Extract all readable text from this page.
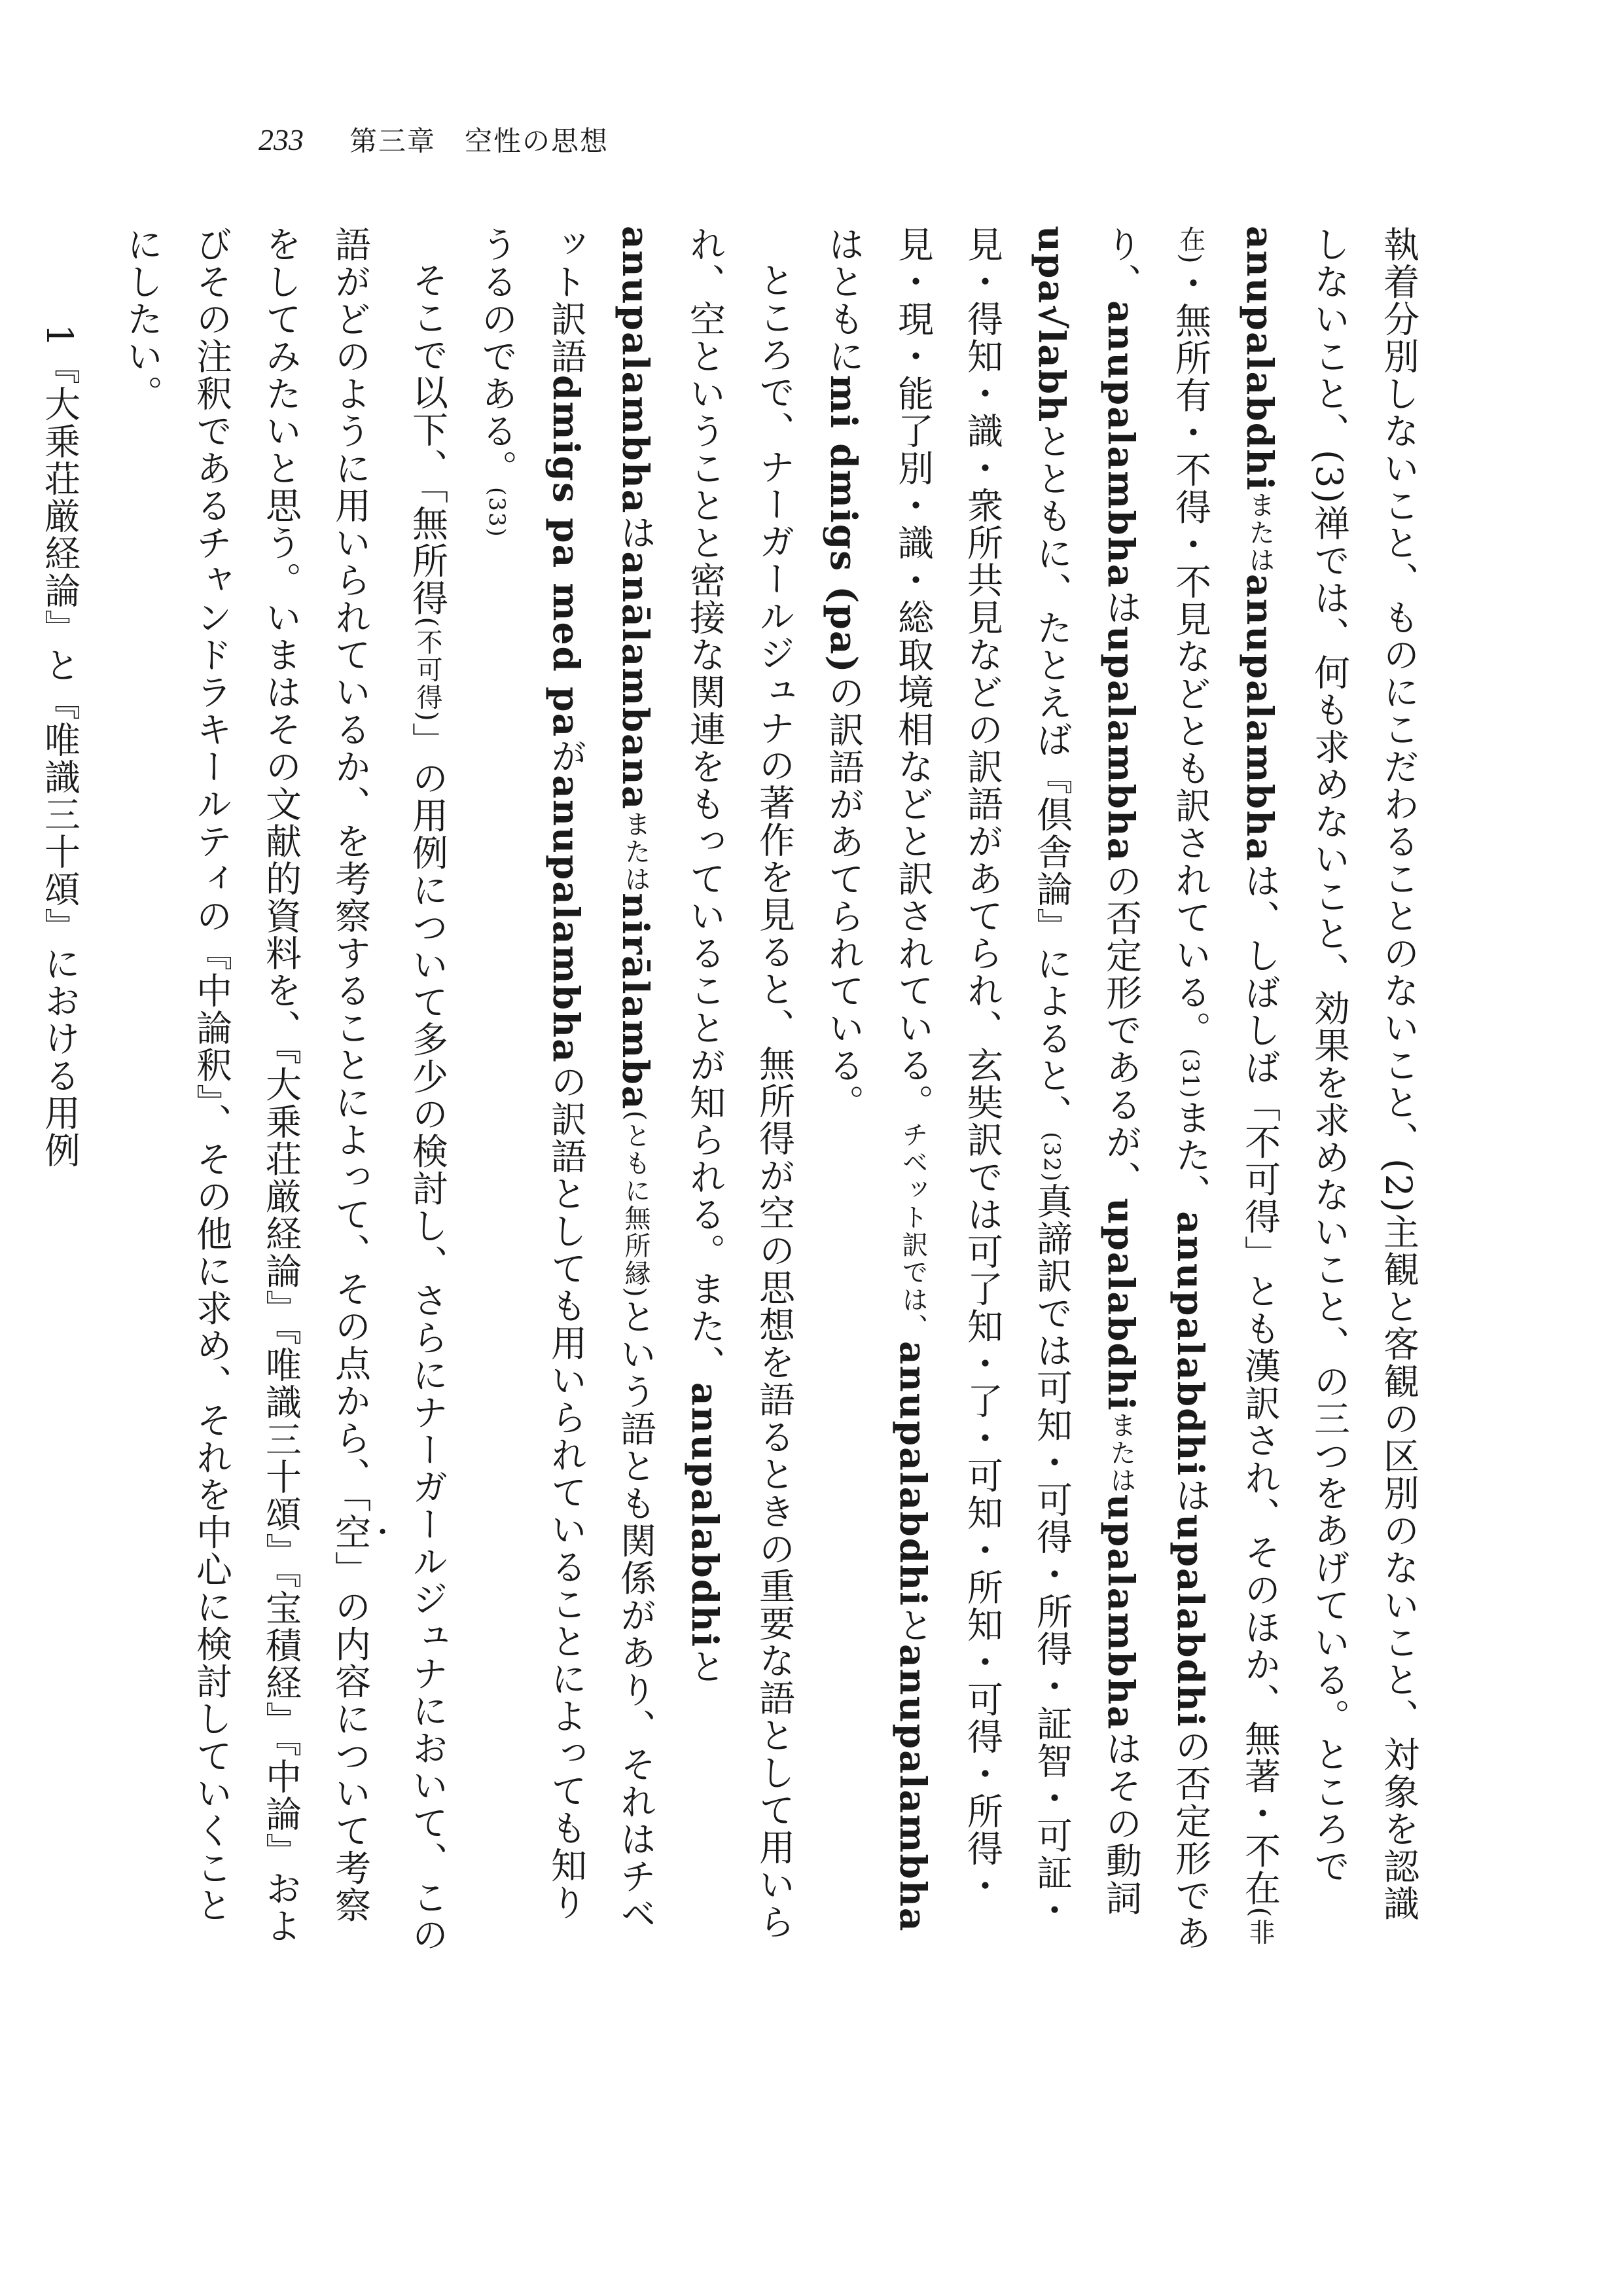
233 第三章　空性の思想

執着分別しないこと、ものにこだわることのないこと、(2)主観と客観の区別のないこと、対象を認識しないこと、(3)禅では、何も求めないこと、効果を求めないこと、の三つをあげている。ところでanupalabdhiまたはanupalambhaは、しばしば「不可得」とも漢訳され、そのほか、無著・不在(非在)・無所有・不得・不見などとも訳されている。(31)また、anupalabdhiはupalabdhiの否定形であり、anupalambhaはupalambhaの否定形であるが、upalabdhiまたはupalambhaはその動詞upa√labhとともに、たとえば『倶舎論』によると、(32)真諦訳では可知・可得・所得・証智・可証・見・得知・識・衆所共見などの訳語があてられ、玄奘訳では可了知・了・可知・所知・可得・所得・見・現・能了別・識・総取境相などと訳されている。チベット訳では、anupalabdhiとanupalambhaはともにmi dmigs (pa)の訳語があてられている。

ところで、ナーガールジュナの著作を見ると、無所得が空の思想を語るときの重要な語として用いられ、空ということと密接な関連をもっていることが知られる。また、anupalabdhiとanupalambhaはanālambanaまたはnirālamba(ともに無所縁)という語とも関係があり、それはチベット訳語dmigs pa med paがanupalambhaの訳語としても用いられていることによっても知りうるのである。(33)

そこで以下、「無所得(不可得)」の用例について多少の検討し、さらにナーガールジュナにおいて、この語がどのように用いられているか、を考察することによって、その点から、「空」の内容について考察をしてみたいと思う。いまはその文献的資料を、『大乗荘厳経論』『唯識三十頌』『宝積経』『中論』およびその注釈であるチャンドラキールティの『中論釈』、その他に求め、それを中心に検討していくことにしたい。

1『大乗荘厳経論』と『唯識三十頌』における用例
